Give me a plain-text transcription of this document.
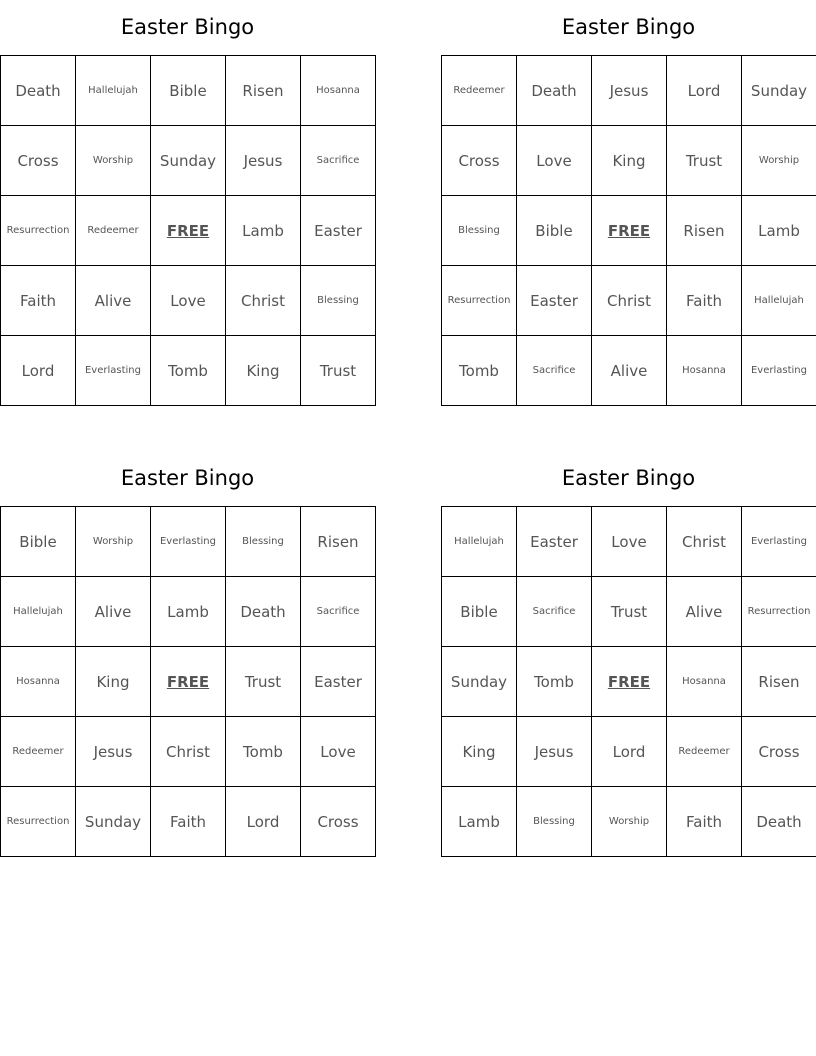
Easter Bingo
Death	Hallelujah	Bible	Risen	Hosanna
Cross	Worship	Sunday	Jesus	Sacrifice
Resurrection	Redeemer	FREE	Lamb	Easter
Faith	Alive	Love	Christ	Blessing
Lord	Everlasting	Tomb	King	Trust
Easter Bingo
Redeemer	Death	Jesus	Lord	Sunday
Cross	Love	King	Trust	Worship
Blessing	Bible	FREE	Risen	Lamb
Resurrection	Easter	Christ	Faith	Hallelujah
Tomb	Sacrifice	Alive	Hosanna	Everlasting
Easter Bingo
Bible	Worship	Everlasting	Blessing	Risen
Hallelujah	Alive	Lamb	Death	Sacrifice
Hosanna	King	FREE	Trust	Easter
Redeemer	Jesus	Christ	Tomb	Love
Resurrection	Sunday	Faith	Lord	Cross
Easter Bingo
Hallelujah	Easter	Love	Christ	Everlasting
Bible	Sacrifice	Trust	Alive	Resurrection
Sunday	Tomb	FREE	Hosanna	Risen
King	Jesus	Lord	Redeemer	Cross
Lamb	Blessing	Worship	Faith	Death
